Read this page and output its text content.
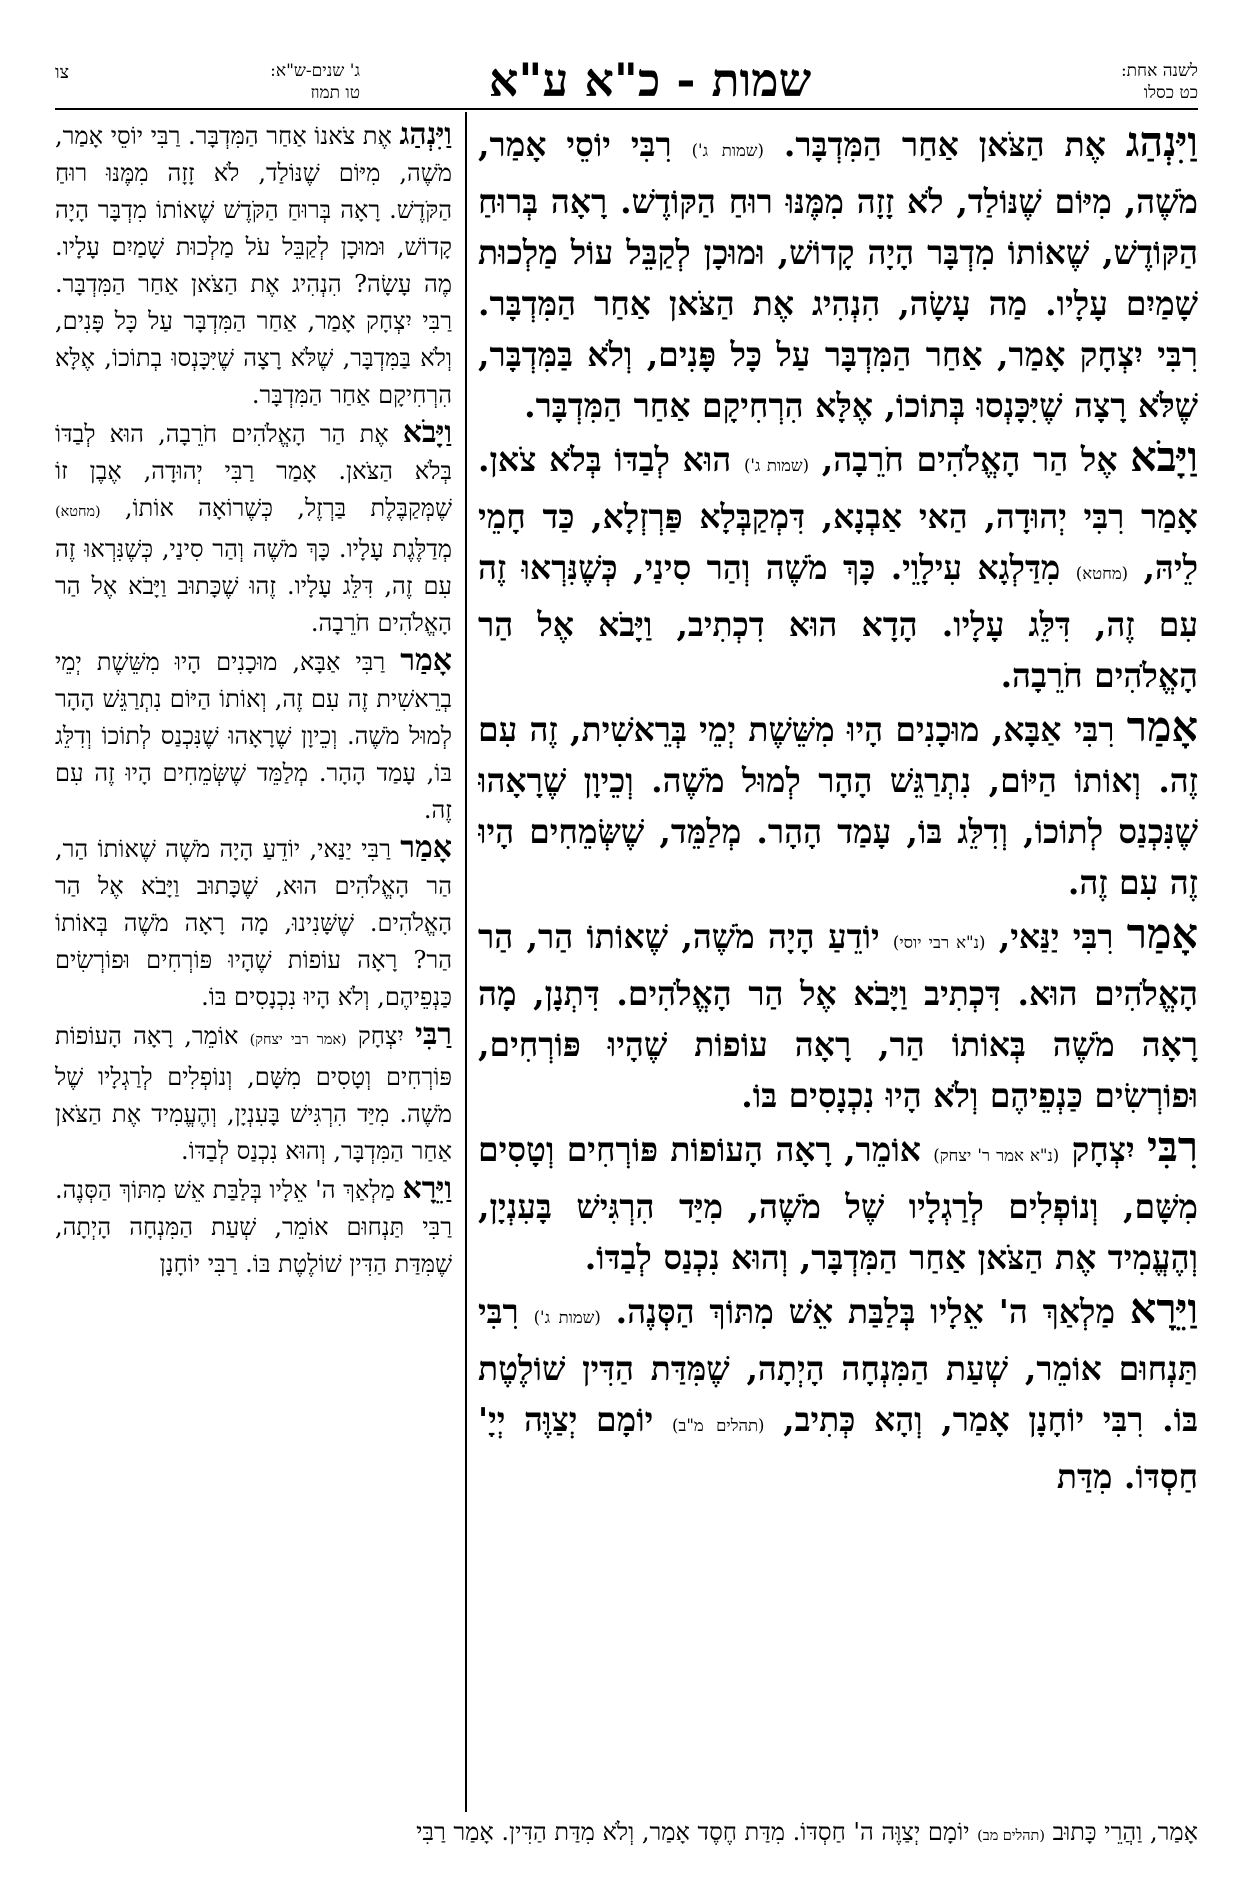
לשנה אחת:
כט כסלו
שמות - כ"א ע"א
ג' שנים-ש"א:
טו תמוז
צו

וַיִּנְהַג אֶת הַצֹּאן אַחַר הַמִּדְבָּר. (שמות ג') רִבִּי יוֹסֵי אָמַר, מֹשֶׁה, מִיּוֹם שֶׁנּוֹלַד, לֹא זָזָה מִמֶּנּוּ רוּחַ הַקּוֹדֶשׁ. רָאָה בְּרוּחַ הַקּוֹדֶשׁ, שֶׁאוֹתוֹ מִדְבָּר הָיָה קָדוֹשׁ, וּמוּכָן לְקַבֵּל עוֹל מַלְכוּת שָׁמַיִם עָלָיו. מַה עָשָׂה, הִנְהִיג אֶת הַצֹּאן אַחַר הַמִּדְבָּר. רִבִּי יִצְחָק אָמַר, אַחַר הַמִּדְבָּר עַל כָּל פָּנִים, וְלֹא בַּמִּדְבָּר, שֶׁלֹּא רָצָה שֶׁיִּכָּנְסוּ בְּתוֹכוֹ, אֶלָּא הִרְחִיקָם אַחַר הַמִּדְבָּר.

וַיָּבֹא אֶל הַר הָאֱלֹהִים חֹרֵבָה, (שמות ג') הוּא לְבַדּוֹ בְּלֹא צֹאן. אָמַר רִבִּי יְהוּדָה, הַאי אַבְנָא, דִּמְקַבְּלָא פַּרְזְלָא, כַּד חָמֵי לֵיהּ, (מחטא) מִדַּלְגָא עִילָוֵי. כָּךְ מֹשֶׁה וְהַר סִינַי, כְּשֶׁנִּרְאוּ זֶה עִם זֶה, דִּלֵּג עָלָיו. הָדָא הוּא דִכְתִיב, וַיָּבֹא אֶל הַר הָאֱלֹהִים חֹרֵבָה.

אָמַר רִבִּי אַבָּא, מוּכָנִים הָיוּ מִשֵּׁשֶׁת יְמֵי בְּרֵאשִׁית, זֶה עִם זֶה. וְאוֹתוֹ הַיּוֹם, נִתְרַגֵּשׁ הָהָר לְמוּל מֹשֶׁה. וְכֵיוָן שֶׁרָאָהוּ שֶׁנִּכְנַס לְתוֹכוֹ, וְדִלֵּג בּוֹ, עָמַד הָהָר. מְלַמֵּד, שֶׁשְּׂמֵחִים הָיוּ זֶה עִם זֶה.

אָמַר רִבִּי יַנַּאי, (נ"א רבי יוסי) יוֹדֵעַ הָיָה מֹשֶׁה, שֶׁאוֹתוֹ הַר, הַר הָאֱלֹהִים הוּא. דִּכְתִיב וַיָּבֹא אֶל הַר הָאֱלֹהִים. דִּתְנָן, מָה רָאָה מֹשֶׁה בְּאוֹתוֹ הַר, רָאָה עוֹפוֹת שֶׁהָיוּ פּוֹרְחִים, וּפוֹרְשִׂים כַּנְפֵיהֶם וְלֹא הָיוּ נִכְנָסִים בּוֹ.

רִבִּי יִצְחָק (נ"א אמר ר' יצחק) אוֹמֵר, רָאָה הָעוֹפוֹת פּוֹרְחִים וְטָסִים מִשָּׁם, וְנוֹפְלִים לְרַגְלָיו שֶׁל מֹשֶׁה, מִיַּד הִרְגִּישׁ בָּעִנְיָן, וְהֶעֱמִיד אֶת הַצֹּאן אַחַר הַמִּדְבָּר, וְהוּא נִכְנַס לְבַדּוֹ.

וַיֵּרָא מַלְאַךְ ה' אֵלָיו בְּלַבַּת אֵשׁ מִתּוֹךְ הַסְּנֶה. (שמות ג') רִבִּי תַּנְחוּם אוֹמֵר, שְׁעַת הַמִּנְחָה הָיְתָה, שֶׁמִּדַּת הַדִּין שׁוֹלֶטֶת בּוֹ. רִבִּי יוֹחָנָן אָמַר, וְהָא כְּתִיב, (תהלים מ"ב) יוֹמָם יְצַוֶּה יְיָ' חַסְדּוֹ. מִדַּת

וַיִּנְהַג אֶת צֹאנוֹ אַחַר הַמִּדְבָּר. רַבִּי יוֹסֵי אָמַר, מֹשֶׁה, מִיּוֹם שֶׁנּוֹלַד, לֹא זָזָה מִמֶּנּוּ רוּחַ הַקֹּדֶשׁ. רָאָה בְּרוּחַ הַקֹּדֶשׁ שֶׁאוֹתוֹ מִדְבָּר הָיָה קָדוֹשׁ, וּמוּכָן לְקַבֵּל עֹל מַלְכוּת שָׁמַיִם עָלָיו. מֶה עָשָׂה? הִנְהִיג אֶת הַצֹּאן אַחַר הַמִּדְבָּר. רַבִּי יִצְחָק אָמַר, אַחַר הַמִּדְבָּר עַל כָּל פָּנִים, וְלֹא בַּמִּדְבָּר, שֶׁלֹּא רָצָה שֶׁיִּכָּנְסוּ בְתוֹכוֹ, אֶלָּא הִרְחִיקָם אַחַר הַמִּדְבָּר.

וַיָּבֹא אֶת הַר הָאֱלֹהִים חֹרֵבָה, הוּא לְבַדּוֹ בְּלֹא הַצֹּאן. אָמַר רַבִּי יְהוּדָה, אֶבֶן זוֹ שֶׁמְּקַבֶּלֶת בַּרְזֶל, כְּשֶׁרוֹאָה אוֹתוֹ, (מחטא) מְדַלֶּגֶת עָלָיו. כָּךְ מֹשֶׁה וְהַר סִינַי, כְּשֶׁנִּרְאוּ זֶה עִם זֶה, דִּלֵּג עָלָיו. זֶהוּ שֶׁכָּתוּב וַיָּבֹא אֶל הַר הָאֱלֹהִים חֹרֵבָה.

אָמַר רַבִּי אַבָּא, מוּכָנִים הָיוּ מִשֵּׁשֶׁת יְמֵי בְרֵאשִׁית זֶה עִם זֶה, וְאוֹתוֹ הַיּוֹם נִתְרַגֵּשׁ הָהָר לְמוּל מֹשֶׁה. וְכֵיוָן שֶׁרָאָהוּ שֶׁנִּכְנַס לְתוֹכוֹ וְדִלֵּג בּוֹ, עָמַד הָהָר. מְלַמֵּד שֶׁשְּׂמֵחִים הָיוּ זֶה עִם זֶה.

אָמַר רַבִּי יַנַּאי, יוֹדֵעַ הָיָה מֹשֶׁה שֶׁאוֹתוֹ הַר, הַר הָאֱלֹהִים הוּא, שֶׁכָּתוּב וַיָּבֹא אֶל הַר הָאֱלֹהִים. שֶׁשָּׁנִינוּ, מָה רָאָה מֹשֶׁה בְּאוֹתוֹ הַר? רָאָה עוֹפוֹת שֶׁהָיוּ פּוֹרְחִים וּפוֹרְשִׂים כַּנְפֵיהֶם, וְלֹא הָיוּ נִכְנָסִים בּוֹ.

רַבִּי יִצְחָק (אמר רבי יצחק) אוֹמֵר, רָאָה הָעוֹפוֹת פּוֹרְחִים וְטָסִים מִשָּׁם, וְנוֹפְלִים לְרַגְלָיו שֶׁל מֹשֶׁה. מִיַּד הִרְגִּישׁ בָּעִנְיָן, וְהֶעֱמִיד אֶת הַצֹּאן אַחַר הַמִּדְבָּר, וְהוּא נִכְנַס לְבַדּוֹ.

וַיֵּרָא מַלְאַךְ ה' אֵלָיו בְּלַבַּת אֵשׁ מִתּוֹךְ הַסְּנֶה. רַבִּי תַּנְחוּם אוֹמֵר, שְׁעַת הַמִּנְחָה הָיְתָה, שֶׁמִּדַּת הַדִּין שׁוֹלֶטֶת בּוֹ. רַבִּי יוֹחָנָן

אָמַר, וַהֲרֵי כָּתוּב (תהלים מב) יוֹמָם יְצַוֶּה ה' חַסְדּוֹ. מִדַּת חֶסֶד אָמַר, וְלֹא מִדַּת הַדִּין. אָמַר רַבִּי
